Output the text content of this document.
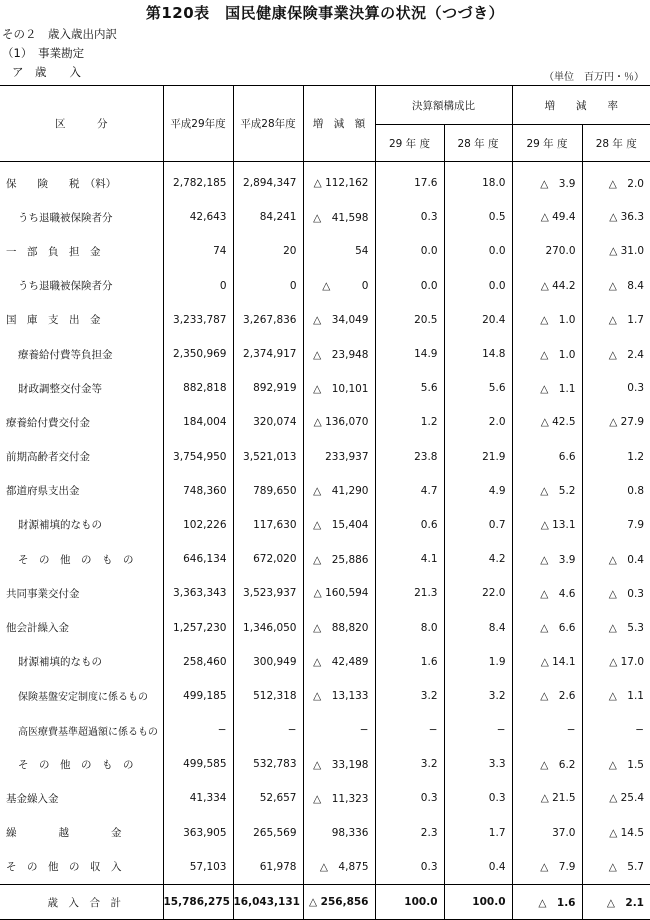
第120表　国民健康保険事業決算の状況（つづき）
その２　歳入歳出内訳
（1）　事業勘定
ア　歳　　入	（単位　百万円・％）
区　　　分	平成29年度	平成28年度	増　減　額	決算額構成比		増　　減　　率	
				29 年 度	28 年 度	29 年 度	28 年 度

保　　険　　税　（料）	2,782,185	2,894,347	△ 112,162	17.6	18.0	△　3.9	△　2.0

うち退職被保険者分	42,643	84,241	△　41,598	0.3	0.5	△ 49.4	△ 36.3

一　部　負　担　金	74	20	54	0.0	0.0	270.0	△ 31.0

うち退職被保険者分	0	0	△　　　0	0.0	0.0	△ 44.2	△　8.4

国　庫　支　出　金	3,233,787	3,267,836	△　34,049	20.5	20.4	△　1.0	△　1.7

療養給付費等負担金	2,350,969	2,374,917	△　23,948	14.9	14.8	△　1.0	△　2.4

財政調整交付金等	882,818	892,919	△　10,101	5.6	5.6	△　1.1	0.3

療養給付費交付金	184,004	320,074	△ 136,070	1.2	2.0	△ 42.5	△ 27.9

前期高齢者交付金	3,754,950	3,521,013	233,937	23.8	21.9	6.6	1.2

都道府県支出金	748,360	789,650	△　41,290	4.7	4.9	△　5.2	0.8

財源補填的なもの	102,226	117,630	△　15,404	0.6	0.7	△ 13.1	7.9

そ　の　他　の　も　の	646,134	672,020	△　25,886	4.1	4.2	△　3.9	△　0.4

共同事業交付金	3,363,343	3,523,937	△ 160,594	21.3	22.0	△　4.6	△　0.3

他会計繰入金	1,257,230	1,346,050	△　88,820	8.0	8.4	△　6.6	△　5.3

財源補填的なもの	258,460	300,949	△　42,489	1.6	1.9	△ 14.1	△ 17.0

保険基盤安定制度に係るもの	499,185	512,318	△　13,133	3.2	3.2	△　2.6	△　1.1

高医療費基準超過額に係るもの	−	−	−	−	−	−	−

そ　の　他　の　も　の	499,585	532,783	△　33,198	3.2	3.3	△　6.2	△　1.5

基金繰入金	41,334	52,657	△　11,323	0.3	0.3	△ 21.5	△ 25.4

繰　　　　越　　　　金	363,905	265,569	98,336	2.3	1.7	37.0	△ 14.5

そ　の　他　の　収　入	57,103	61,978	△　4,875	0.3	0.4	△　7.9	△　5.7

歳　入　合　計	15,786,275	16,043,131	△ 256,856	100.0	100.0	△　1.6	△　2.1
